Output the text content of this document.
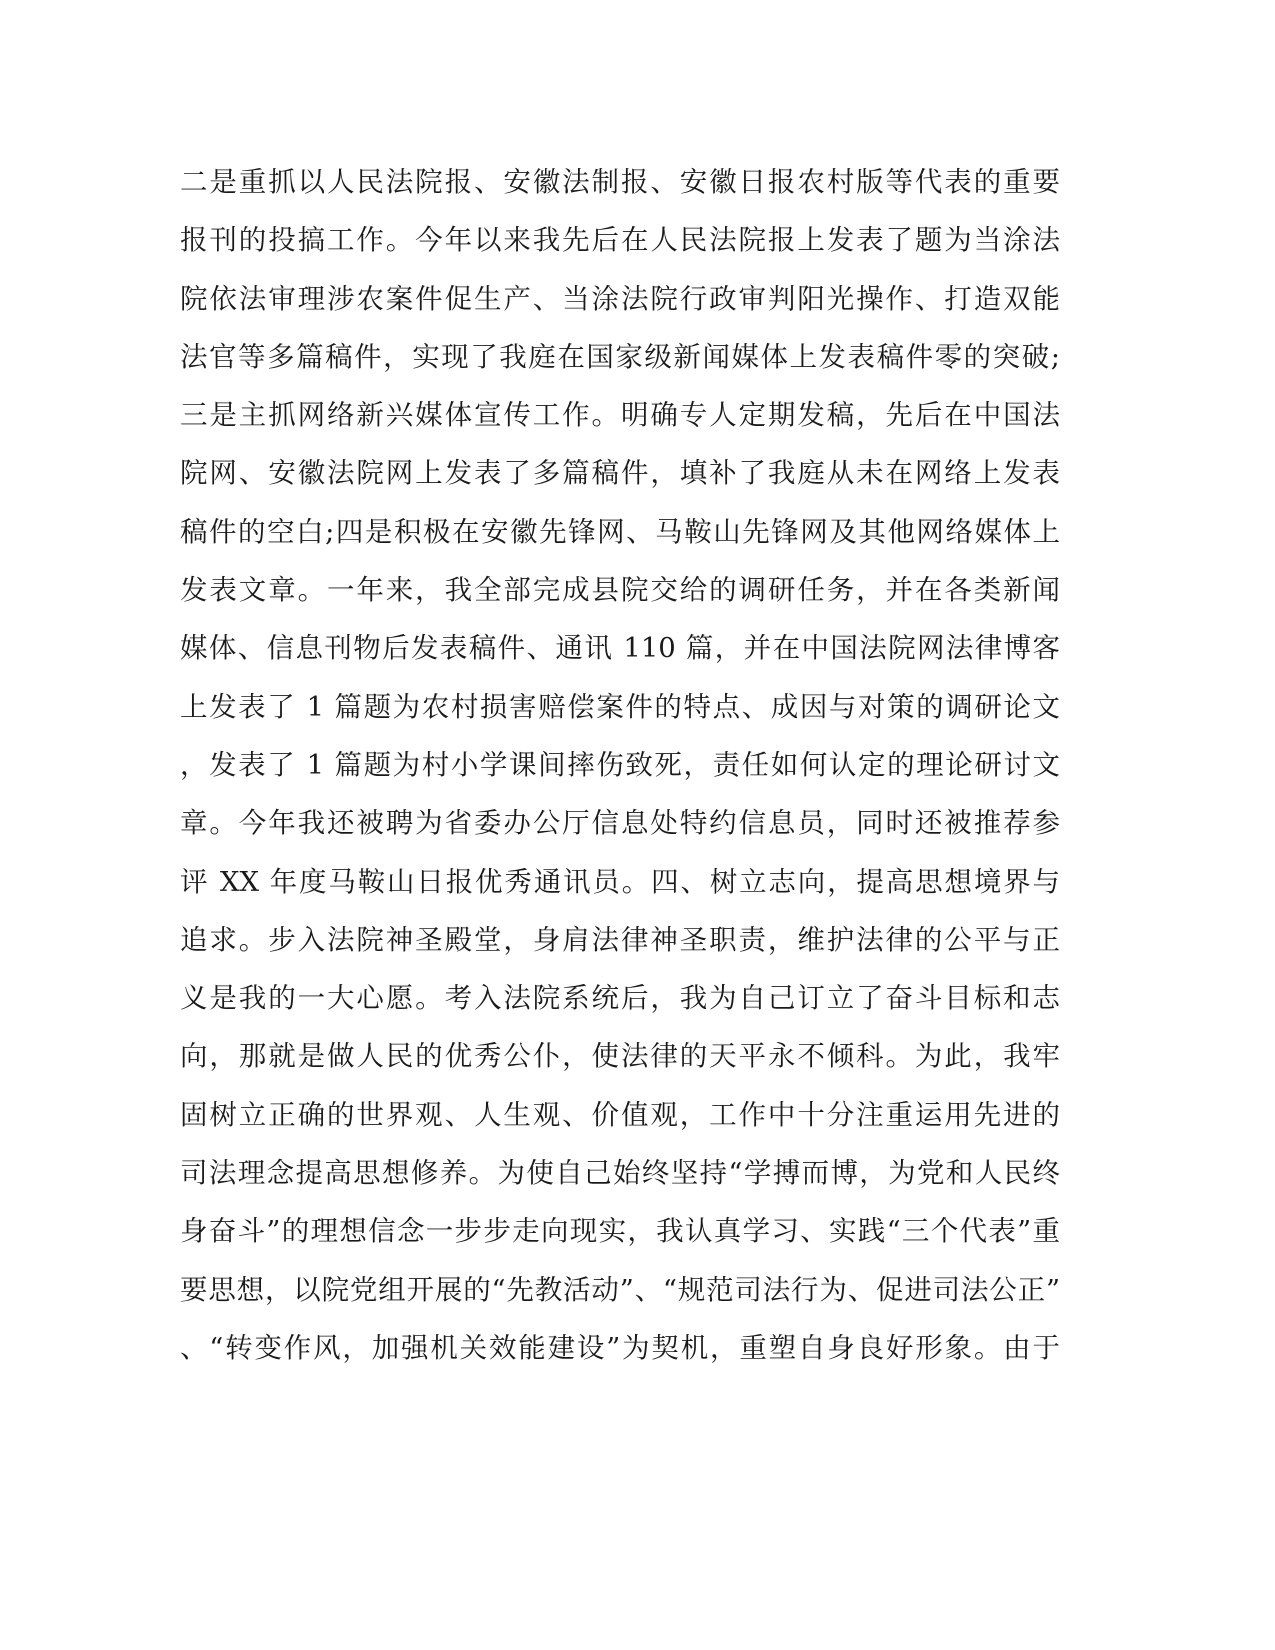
二是重抓以人民法院报、安徽法制报、安徽日报农村版等代表的重要
报刊的投搞工作。今年以来我先后在人民法院报上发表了题为当涂法
院依法审理涉农案件促生产、当涂法院行政审判阳光操作、打造双能
法官等多篇稿件，实现了我庭在国家级新闻媒体上发表稿件零的突破;
三是主抓网络新兴媒体宣传工作。明确专人定期发稿，先后在中国法
院网、安徽法院网上发表了多篇稿件，填补了我庭从未在网络上发表
稿件的空白;四是积极在安徽先锋网、马鞍山先锋网及其他网络媒体上
发表文章。一年来，我全部完成县院交给的调研任务，并在各类新闻
媒体、信息刊物后发表稿件、通讯 110 篇，并在中国法院网法律博客
上发表了 1 篇题为农村损害赔偿案件的特点、成因与对策的调研论文
，发表了 1 篇题为村小学课间摔伤致死，责任如何认定的理论研讨文
章。今年我还被聘为省委办公厅信息处特约信息员，同时还被推荐参
评 XX 年度马鞍山日报优秀通讯员。四、树立志向，提高思想境界与
追求。步入法院神圣殿堂，身肩法律神圣职责，维护法律的公平与正
义是我的一大心愿。考入法院系统后，我为自己订立了奋斗目标和志
向，那就是做人民的优秀公仆，使法律的天平永不倾科。为此，我牢
固树立正确的世界观、人生观、价值观，工作中十分注重运用先进的
司法理念提高思想修养。为使自己始终坚持“学搏而博，为党和人民终
身奋斗”的理想信念一步步走向现实，我认真学习、实践“三个代表”重
要思想，以院党组开展的“先教活动”、“规范司法行为、促进司法公正”
、“转变作风，加强机关效能建设”为契机，重塑自身良好形象。由于
